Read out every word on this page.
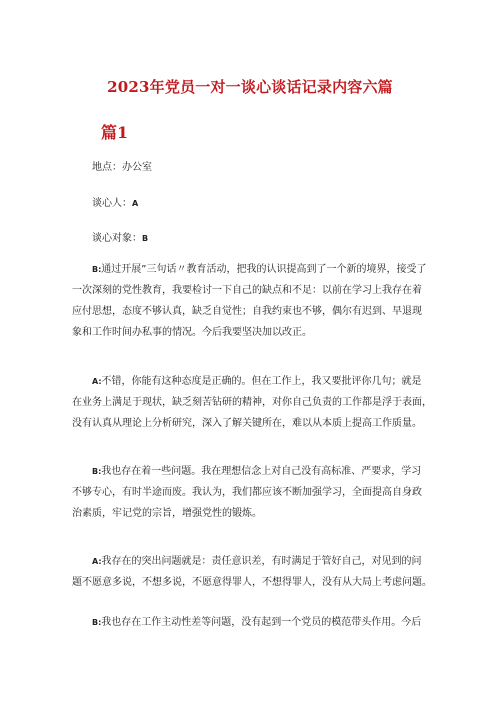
2023年党员一对一谈心谈话记录内容六篇
篇1

地点：办公室

谈心人：A

谈心对象：B

B:通过开展”三句话〃教育活动，把我的认识提高到了一个新的境界，接受了
一次深刻的党性教育，我要检讨一下自己的缺点和不足：以前在学习上我存在着
应付思想，态度不够认真，缺乏自觉性；自我约束也不够，偶尔有迟到、早退现
象和工作时间办私事的情况。今后我要坚决加以改正。
A:不错，你能有这种态度是正确的。但在工作上，我又要批评你几句；就是
在业务上满足于现状，缺乏刻苦钻研的精神，对你自己负责的工作都是浮于表面，
没有认真从理论上分析研究，深入了解关键所在，难以从本质上提高工作质量。
B:我也存在着一些问题。我在理想信念上对自己没有高标准、严要求，学习
不够专心，有时半途而废。我认为，我们都应该不断加强学习，全面提高自身政
治素质，牢记党的宗旨，增强党性的锻炼。
A:我存在的突出问题就是：责任意识差，有时满足于管好自己，对见到的问
题不愿意多说，不想多说，不愿意得罪人，不想得罪人，没有从大局上考虑问题。
B:我也存在工作主动性差等问题，没有起到一个党员的模范带头作用。今后
